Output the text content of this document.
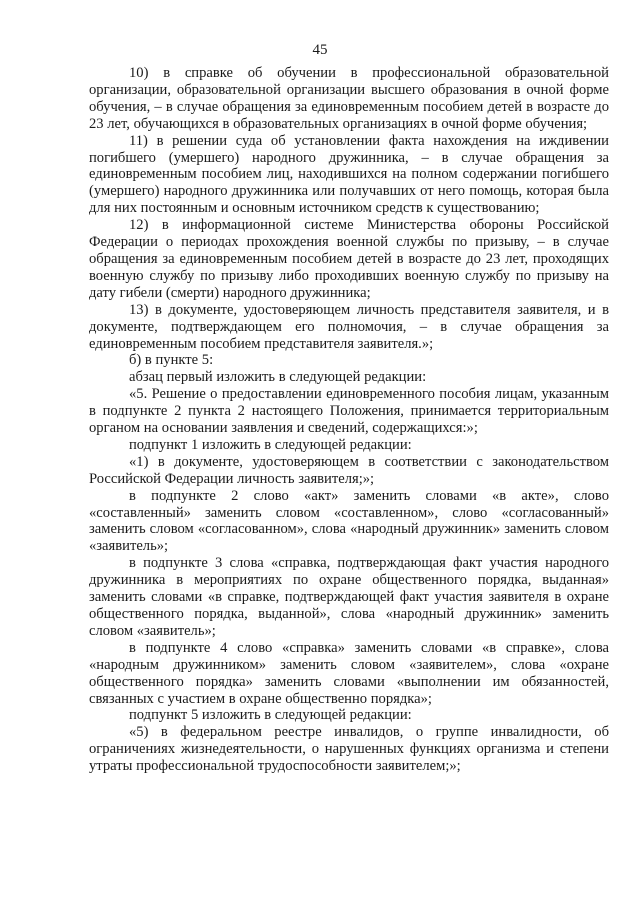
45

10) в справке об обучении в профессиональной образовательной организации, образовательной организации высшего образования в очной форме обучения, – в случае обращения за единовременным пособием детей в возрасте до 23 лет, обучающихся в образовательных организациях в очной форме обучения;

11) в решении суда об установлении факта нахождения на иждивении погибшего (умершего) народного дружинника, – в случае обращения за единовременным пособием лиц, находившихся на полном содержании погибшего (умершего) народного дружинника или получавших от него помощь, которая была для них постоянным и основным источником средств к существованию;

12) в информационной системе Министерства обороны Российской Федерации о периодах прохождения военной службы по призыву, – в случае обращения за единовременным пособием детей в возрасте до 23 лет, проходящих военную службу по призыву либо проходивших военную службу по призыву на дату гибели (смерти) народного дружинника;

13) в документе, удостоверяющем личность представителя заявителя, и в документе, подтверждающем его полномочия, – в случае обращения за единовременным пособием представителя заявителя.»;

б) в пункте 5:

абзац первый изложить в следующей редакции:

«5. Решение о предоставлении единовременного пособия лицам, указанным в подпункте 2 пункта 2 настоящего Положения, принимается территориальным органом на основании заявления и сведений, содержащихся:»;

подпункт 1 изложить в следующей редакции:

«1) в документе, удостоверяющем в соответствии с законодательством Российской Федерации личность заявителя;»;

в подпункте 2 слово «акт» заменить словами «в акте», слово «составленный» заменить словом «составленном», слово «согласованный» заменить словом «согласованном», слова «народный дружинник» заменить словом «заявитель»;

в подпункте 3 слова «справка, подтверждающая факт участия народного дружинника в мероприятиях по охране общественного порядка, выданная» заменить словами «в справке, подтверждающей факт участия заявителя в охране общественного порядка, выданной», слова «народный дружинник» заменить словом «заявитель»;

в подпункте 4 слово «справка» заменить словами «в справке», слова «народным дружинником» заменить словом «заявителем», слова «охране общественного порядка» заменить словами «выполнении им обязанностей, связанных с участием в охране общественно порядка»;

подпункт 5 изложить в следующей редакции:

«5) в федеральном реестре инвалидов, о группе инвалидности, об ограничениях жизнедеятельности, о нарушенных функциях организма и степени утраты профессиональной трудоспособности заявителем;»;
